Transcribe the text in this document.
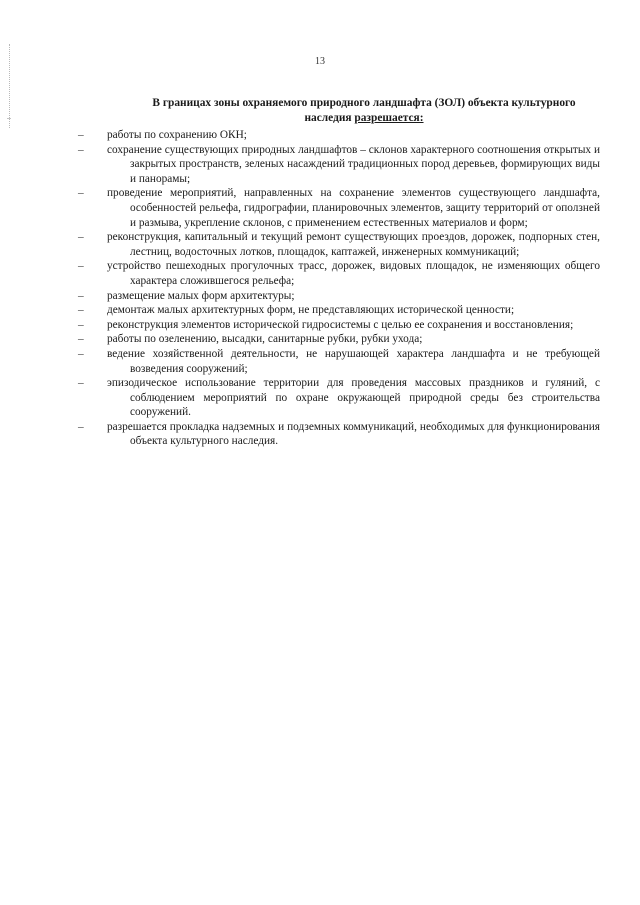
13
В границах зоны охраняемого природного ландшафта (ЗОЛ) объекта культурного
наследия разрешается:
–	работы по сохранению ОКН;
–	сохранение существующих природных ландшафтов – склонов характерного соотношения открытых и закрытых пространств, зеленых насаждений традиционных пород деревьев, формирующих виды и панорамы;
–	проведение мероприятий, направленных на сохранение элементов существующего ландшафта, особенностей рельефа, гидрографии, планировочных элементов, защиту территорий от оползней и размыва, укрепление склонов, с применением естественных материалов и форм;
–	реконструкция, капитальный и текущий ремонт существующих проездов, дорожек, подпорных стен, лестниц, водосточных лотков, площадок, каптажей, инженерных коммуникаций;
–	устройство пешеходных прогулочных трасс, дорожек, видовых площадок, не изменяющих общего характера сложившегося рельефа;
–	размещение малых форм архитектуры;
–	демонтаж малых архитектурных форм, не представляющих исторической ценности;
–	реконструкция элементов исторической гидросистемы с целью ее сохранения и восстановления;
–	работы по озеленению, высадки, санитарные рубки, рубки ухода;
–	ведение хозяйственной деятельности, не нарушающей характера ландшафта и не требующей возведения сооружений;
–	эпизодическое использование территории для проведения массовых праздников и гуляний, с соблюдением мероприятий по охране окружающей природной среды без строительства сооружений.
–	разрешается прокладка надземных и подземных коммуникаций, необходимых для функционирования объекта культурного наследия.
